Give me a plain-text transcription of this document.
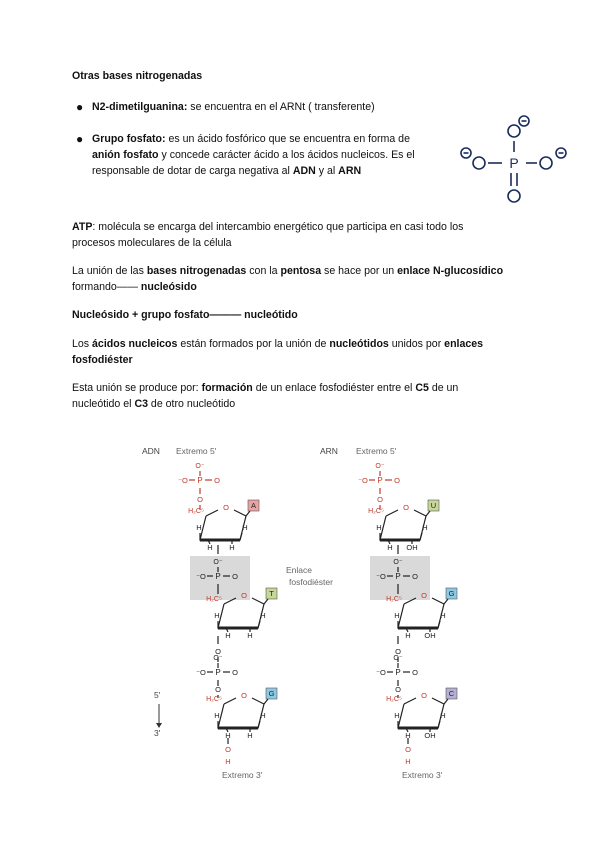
Otras bases nitrogenadas
● N2-dimetilguanina: se encuentra en el ARNt ( transferente)
● Grupo fosfato: es un ácido fosfórico que se encuentra en forma de
anión fosfato y concede carácter ácido a los ácidos nucleicos. Es el
responsable de dotar de carga negativa al ADN y al ARN	P
ATP: molécula se encarga del intercambio energético que participa en casi todo los
procesos moleculares de la célula
La unión de las bases nitrogenadas con la pentosa se hace por un enlace N-glucosídico
formando—— nucleósido
Nucleósido + grupo fosfato——— nucleótido
Los ácidos nucleicos están formados por la unión de nucleótidos unidos por enlaces
fosfodiéster
Esta unión se produce por: formación de un enlace fosfodiéster entre el C5 de un
nucleótido el C3 de otro nucleótido
ADN Extremo 5'	ARN Extremo 5'
Extremo 3'	Extremo 3'
Enlace
fosfodiéster
5'
3'
P O
⁻O
O⁻
O
O
H₂C⁵
H	H
H H
A
P O
⁻O
O⁻
O
H₂C⁵
H	H
H H
T
O
P O
⁻O
O⁻
O
O
H₂C⁵
H	H
H H
G
O
H
P O
⁻O
O⁻
O
O
H₂C⁵
H	H
H OH
U
P O
⁻O
O⁻
O
H₂C⁵
H	H
H OH
G
O
P O
⁻O
O⁻
O
O
H₂C⁵
H	H
H OH
C
O
H
